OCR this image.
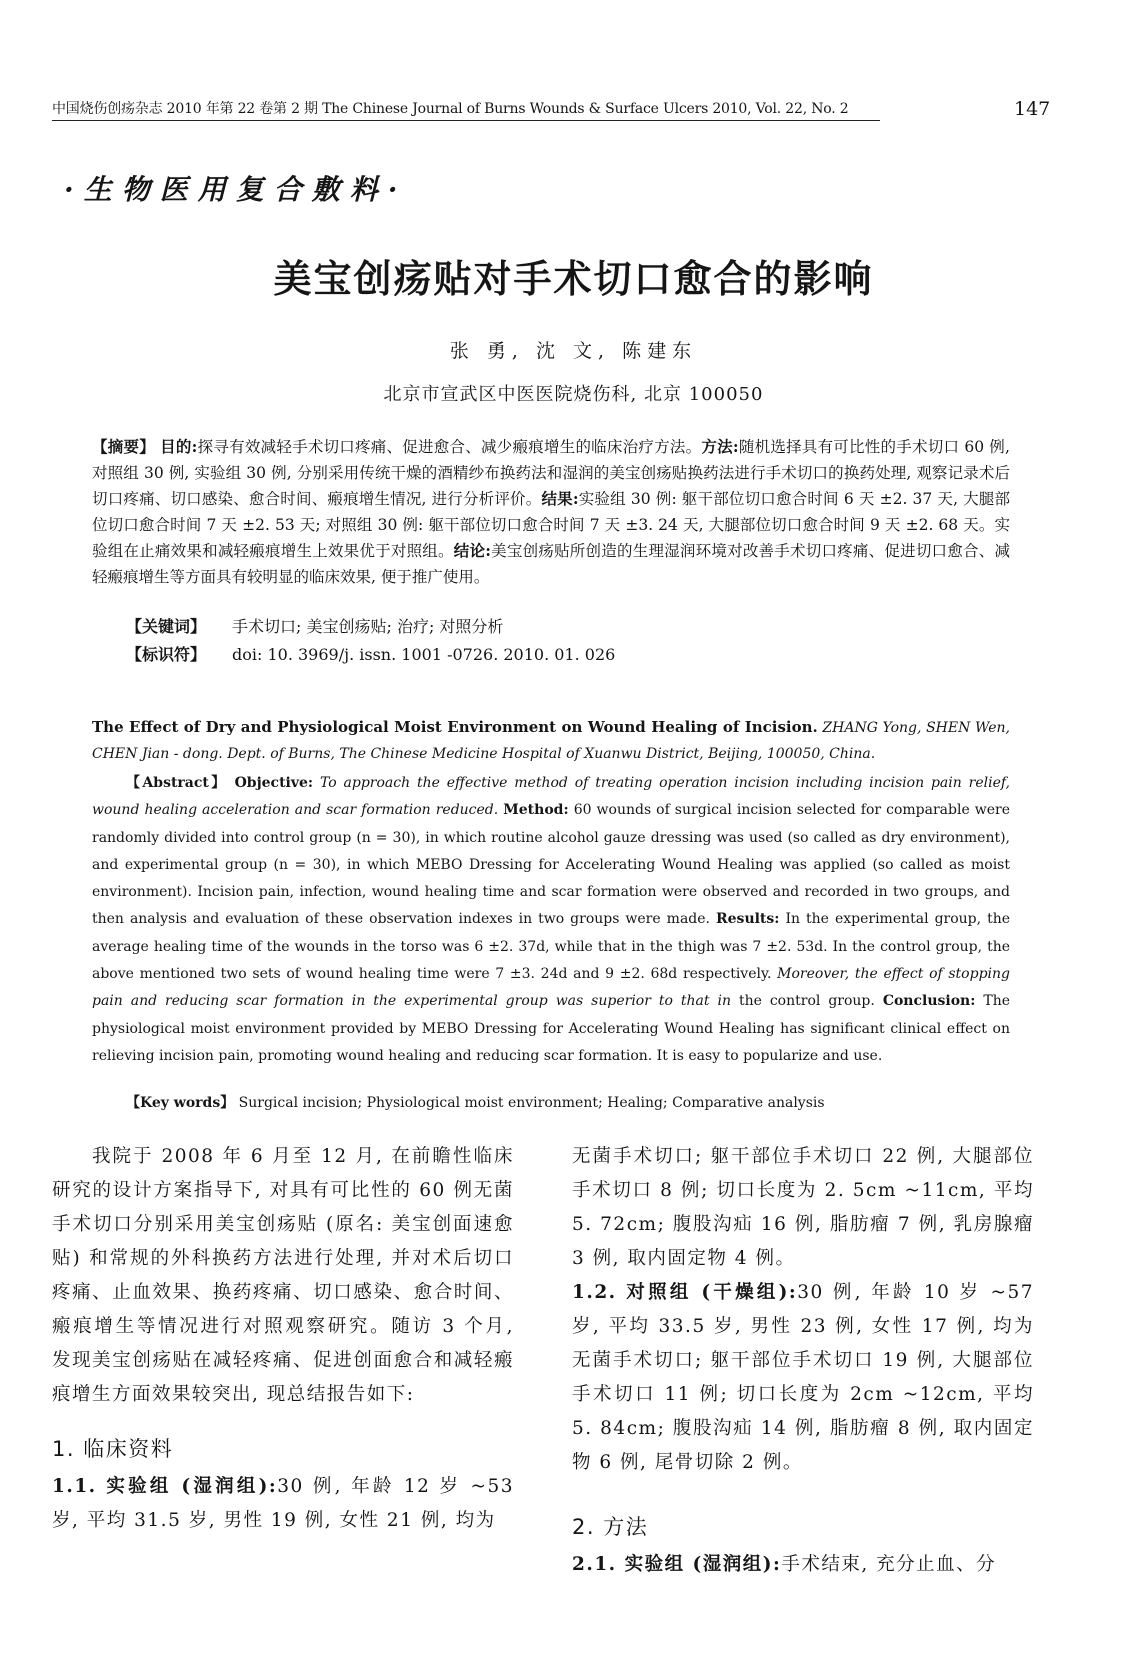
中国烧伤创疡杂志 2010 年第 22 卷第 2 期 The Chinese Journal of Burns Wounds & Surface Ulcers 2010, Vol. 22, No. 2	147
·生物医用复合敷料·
美宝创疡贴对手术切口愈合的影响
张 勇, 沈 文, 陈建东
北京市宣武区中医医院烧伤科, 北京 100050
【摘要】 目的:探寻有效减轻手术切口疼痛、促进愈合、减少瘢痕增生的临床治疗方法。方法:随机选择具有可比性的手术切口 60 例, 对照组 30 例, 实验组 30 例, 分别采用传统干燥的酒精纱布换药法和湿润的美宝创疡贴换药法进行手术切口的换药处理, 观察记录术后切口疼痛、切口感染、愈合时间、瘢痕增生情况, 进行分析评价。结果:实验组 30 例: 躯干部位切口愈合时间 6 天 ±2. 37 天, 大腿部位切口愈合时间 7 天 ±2. 53 天; 对照组 30 例: 躯干部位切口愈合时间 7 天 ±3. 24 天, 大腿部位切口愈合时间 9 天 ±2. 68 天。实验组在止痛效果和减轻瘢痕增生上效果优于对照组。结论:美宝创疡贴所创造的生理湿润环境对改善手术切口疼痛、促进切口愈合、减轻瘢痕增生等方面具有较明显的临床效果, 便于推广使用。
【关键词】 手术切口; 美宝创疡贴; 治疗; 对照分析
【标识符】 doi: 10. 3969/j. issn. 1001 -0726. 2010. 01. 026
The Effect of Dry and Physiological Moist Environment on Wound Healing of Incision. ZHANG Yong, SHEN Wen, CHEN Jian - dong. Dept. of Burns, The Chinese Medicine Hospital of Xuanwu District, Beijing, 100050, China.
【Abstract】 Objective: To approach the effective method of treating operation incision including incision pain relief, wound healing acceleration and scar formation reduced. Method: 60 wounds of surgical incision selected for comparable were randomly divided into control group (n = 30), in which routine alcohol gauze dressing was used (so called as dry environment), and experimental group (n = 30), in which MEBO Dressing for Accelerating Wound Healing was applied (so called as moist environment). Incision pain, infection, wound healing time and scar formation were observed and recorded in two groups, and then analysis and evaluation of these observation indexes in two groups were made. Results: In the experimental group, the average healing time of the wounds in the torso was 6 ±2. 37d, while that in the thigh was 7 ±2. 53d. In the control group, the above mentioned two sets of wound healing time were 7 ±3. 24d and 9 ±2. 68d respectively. Moreover, the effect of stopping pain and reducing scar formation in the experimental group was superior to that in the control group. Conclusion: The physiological moist environment provided by MEBO Dressing for Accelerating Wound Healing has significant clinical effect on relieving incision pain, promoting wound healing and reducing scar formation. It is easy to popularize and use.
【Key words】 Surgical incision; Physiological moist environment; Healing; Comparative analysis

我院于 2008 年 6 月至 12 月, 在前瞻性临床研究的设计方案指导下, 对具有可比性的 60 例无菌手术切口分别采用美宝创疡贴 (原名: 美宝创面速愈贴) 和常规的外科换药方法进行处理, 并对术后切口疼痛、止血效果、换药疼痛、切口感染、愈合时间、瘢痕增生等情况进行对照观察研究。随访 3 个月, 发现美宝创疡贴在减轻疼痛、促进创面愈合和减轻瘢痕增生方面效果较突出, 现总结报告如下:

1. 临床资料

1.1. 实验组 (湿润组):30 例, 年龄 12 岁 ~53 岁, 平均 31.5 岁, 男性 19 例, 女性 21 例, 均为

无菌手术切口; 躯干部位手术切口 22 例, 大腿部位手术切口 8 例; 切口长度为 2. 5cm ~11cm, 平均 5. 72cm; 腹股沟疝 16 例, 脂肪瘤 7 例, 乳房腺瘤 3 例, 取内固定物 4 例。

1.2. 对照组 (干燥组):30 例, 年龄 10 岁 ~57 岁, 平均 33.5 岁, 男性 23 例, 女性 17 例, 均为无菌手术切口; 躯干部位手术切口 19 例, 大腿部位手术切口 11 例; 切口长度为 2cm ~12cm, 平均 5. 84cm; 腹股沟疝 14 例, 脂肪瘤 8 例, 取内固定物 6 例, 尾骨切除 2 例。

2. 方法

2.1. 实验组 (湿润组):手术结束, 充分止血、分
